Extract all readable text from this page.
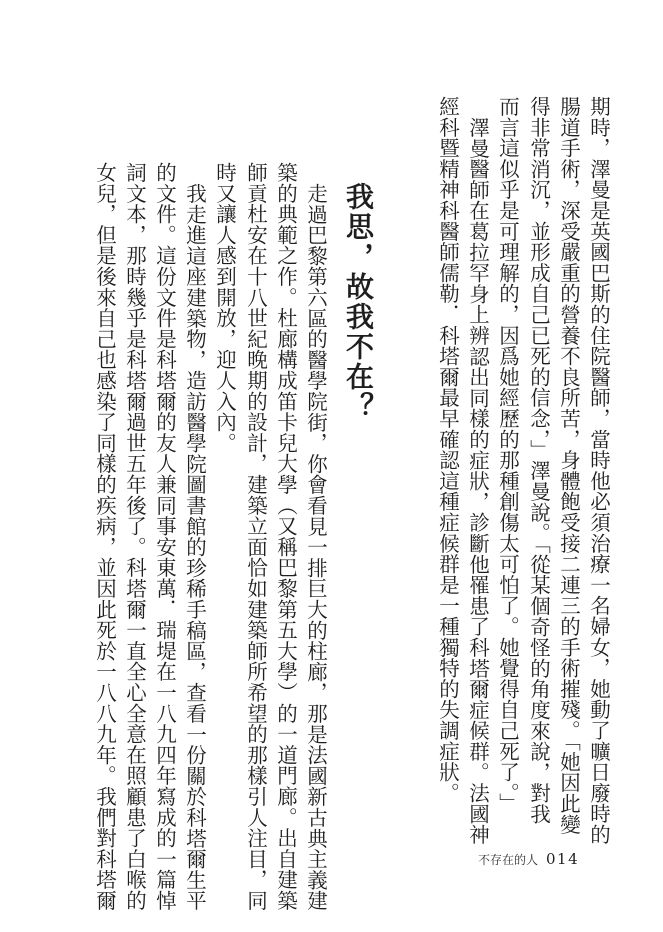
期時，澤曼是英國巴斯的住院醫師，當時他必須治療一名婦女，她動了曠日廢時的
腸道手術，深受嚴重的營養不良所苦，身體飽受接二連三的手術摧殘。「她因此變
得非常消沉，並形成自己已死的信念，」澤曼說。「從某個奇怪的角度來說，對我
而言這似乎是可理解的，因爲她經歷的那種創傷太可怕了。她覺得自己死了。」
澤曼醫師在葛拉罕身上辨認出同樣的症狀，診斷他罹患了科塔爾症候群。法國神
經科暨精神科醫師儒勒．科塔爾最早確認這種症候群是一種獨特的失調症狀。
我思，故我不在？
走過巴黎第六區的醫學院街，你會看見一排巨大的柱廊，那是法國新古典主義建
築的典範之作。杜廊構成笛卡兒大學（又稱巴黎第五大學）的一道門廊。出自建築
師貢杜安在十八世紀晚期的設計，建築立面恰如建築師所希望的那樣引人注目，同
時又讓人感到開放，迎人入內。
我走進這座建築物，造訪醫學院圖書館的珍稀手稿區，查看一份關於科塔爾生平
的文件。這份文件是科塔爾的友人兼同事安東萬．瑞堤在一八九四年寫成的一篇悼
詞文本，那時幾乎是科塔爾過世五年後了。科塔爾一直全心全意在照顧患了白喉的
女兒，但是後來自己也感染了同樣的疾病，並因此死於一八八九年。我們對科塔爾	不存在的人 014
